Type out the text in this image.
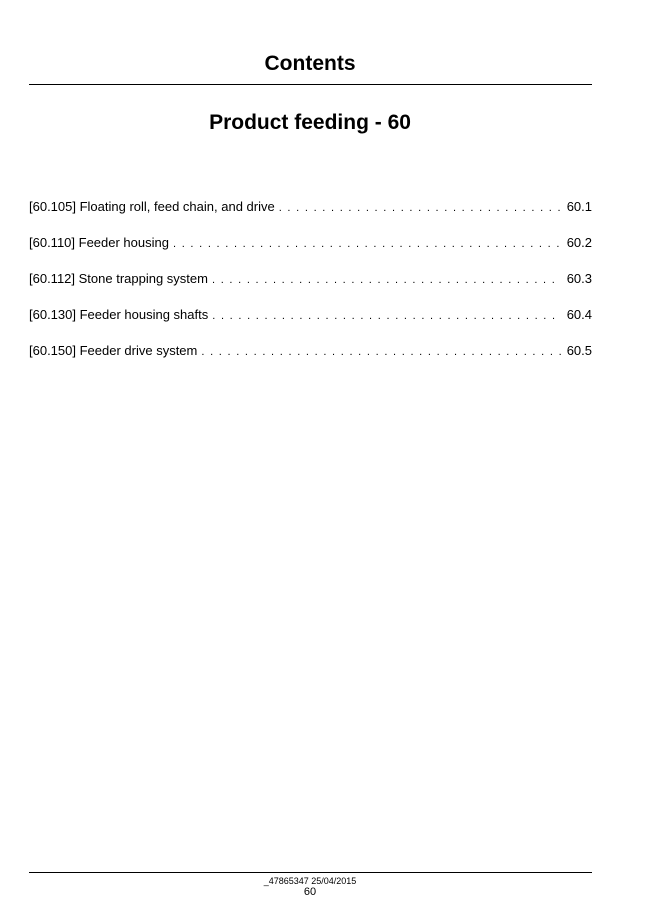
Contents
Product feeding - 60
[60.105] Floating roll, feed chain, and drive . . .	60.1
[60.110] Feeder housing . . .	60.2
[60.112] Stone trapping system . . .	60.3
[60.130] Feeder housing shafts . . .	60.4
[60.150] Feeder drive system . . .	60.5
_47865347 25/04/2015
60
